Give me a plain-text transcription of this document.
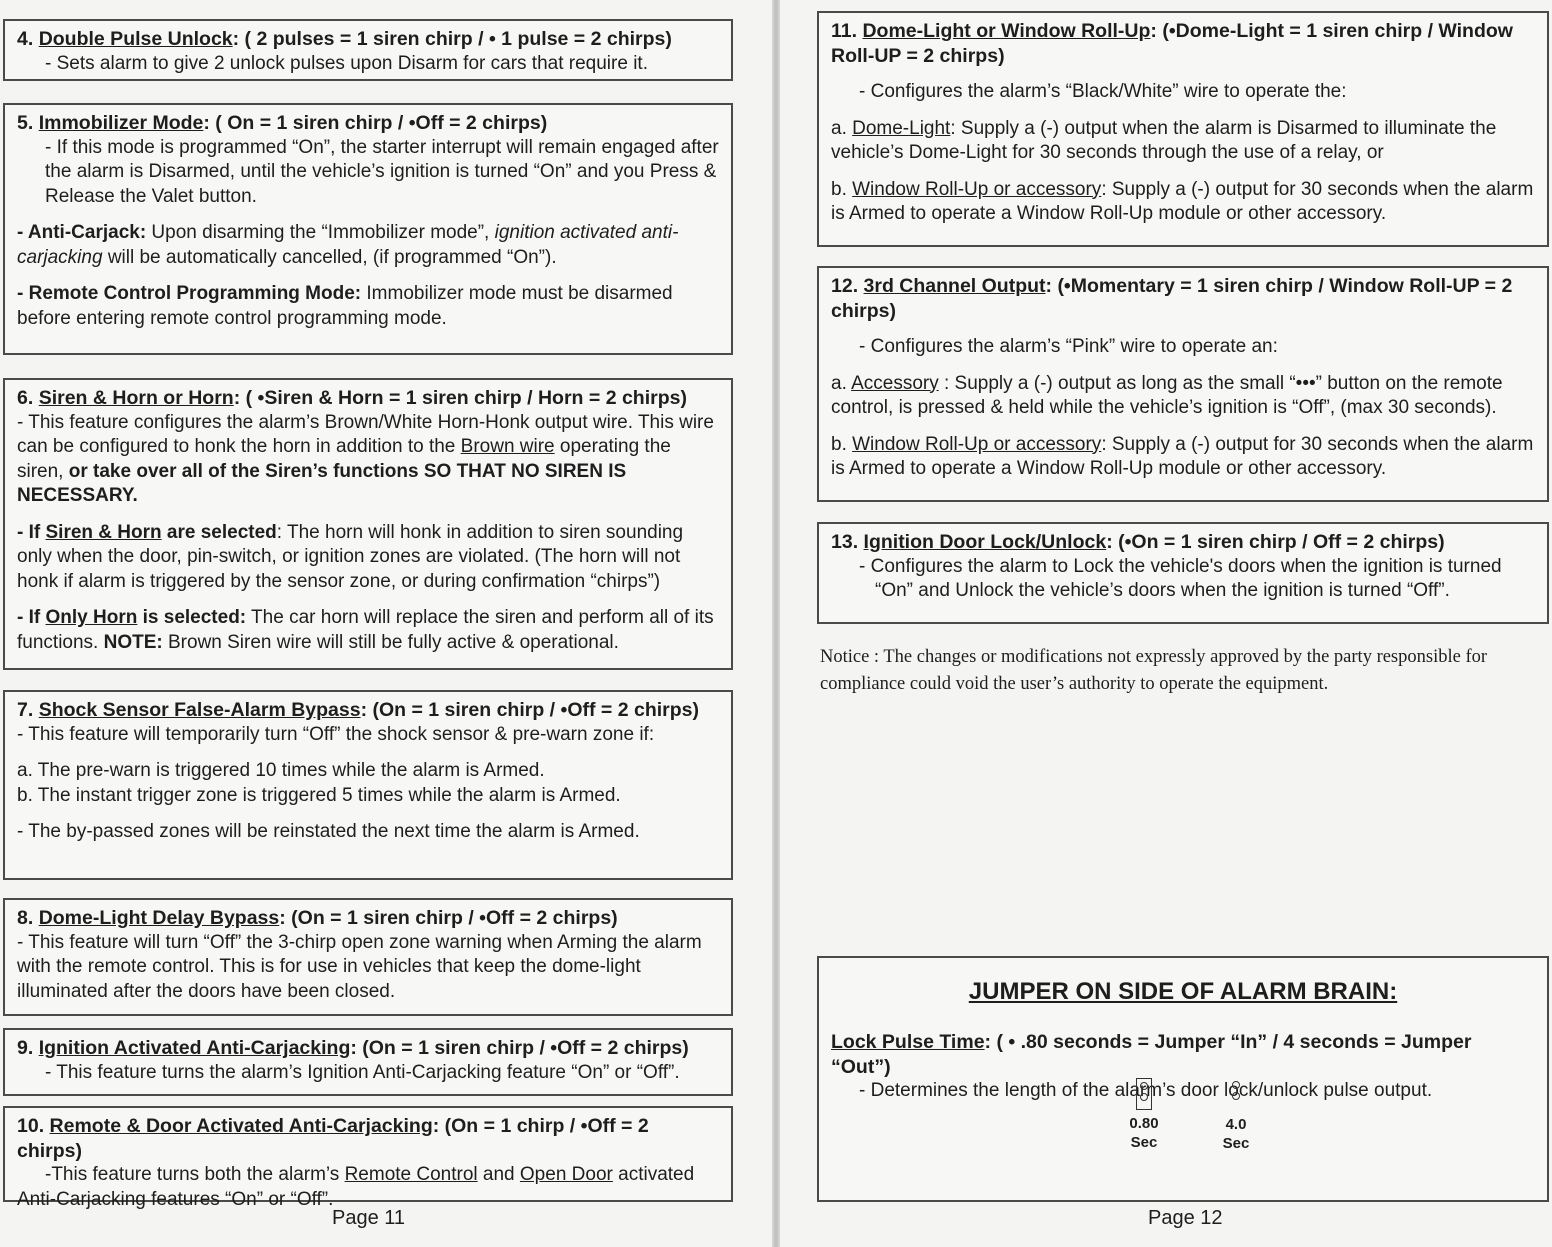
4. Double Pulse Unlock: ( 2 pulses = 1 siren chirp / • 1 pulse = 2 chirps)

- Sets alarm to give 2 unlock pulses upon Disarm for cars that require it.

5. Immobilizer Mode: ( On = 1 siren chirp / •Off = 2 chirps)

- If this mode is programmed “On”, the starter interrupt will remain engaged after the alarm is Disarmed, until the vehicle’s ignition is turned “On” and you Press & Release the Valet button.

- Anti-Carjack: Upon disarming the “Immobilizer mode”, ignition activated anti-carjacking will be automatically cancelled, (if programmed “On”).

- Remote Control Programming Mode: Immobilizer mode must be disarmed before entering remote control programming mode.

6. Siren & Horn or Horn: ( •Siren & Horn = 1 siren chirp / Horn = 2 chirps)

- This feature configures the alarm’s Brown/White Horn-Honk output wire. This wire can be configured to honk the horn in addition to the Brown wire operating the siren, or take over all of the Siren’s functions SO THAT NO SIREN IS NECESSARY.

- If Siren & Horn are selected: The horn will honk in addition to siren sounding only when the door, pin-switch, or ignition zones are violated. (The horn will not honk if alarm is triggered by the sensor zone, or during confirmation “chirps”)

- If Only Horn is selected: The car horn will replace the siren and perform all of its functions. NOTE: Brown Siren wire will still be fully active & operational.

7. Shock Sensor False-Alarm Bypass: (On = 1 siren chirp / •Off = 2 chirps)

- This feature will temporarily turn “Off” the shock sensor & pre-warn zone if:

a. The pre-warn is triggered 10 times while the alarm is Armed.

b. The instant trigger zone is triggered 5 times while the alarm is Armed.

- The by-passed zones will be reinstated the next time the alarm is Armed.

8. Dome-Light Delay Bypass: (On = 1 siren chirp / •Off = 2 chirps)

- This feature will turn “Off” the 3-chirp open zone warning when Arming the alarm with the remote control. This is for use in vehicles that keep the dome-light illuminated after the doors have been closed.

9. Ignition Activated Anti-Carjacking: (On = 1 siren chirp / •Off = 2 chirps)

- This feature turns the alarm’s Ignition Anti-Carjacking feature “On” or “Off”.

10. Remote & Door Activated Anti-Carjacking: (On = 1 chirp / •Off = 2 chirps)

-This feature turns both the alarm’s Remote Control and Open Door activated Anti-Carjacking features “On” or “Off”.

Page 11

11. Dome-Light or Window Roll-Up: (•Dome-Light = 1 siren chirp / Window Roll-UP = 2 chirps)

- Configures the alarm’s “Black/White” wire to operate the:

a. Dome-Light: Supply a (-) output when the alarm is Disarmed to illuminate the vehicle’s Dome-Light for 30 seconds through the use of a relay, or

b. Window Roll-Up or accessory: Supply a (-) output for 30 seconds when the alarm is Armed to operate a Window Roll-Up module or other accessory.

12. 3rd Channel Output: (•Momentary = 1 siren chirp / Window Roll-UP = 2 chirps)

- Configures the alarm’s “Pink” wire to operate an:

a. Accessory : Supply a (-) output as long as the small “•••” button on the remote control, is pressed & held while the vehicle’s ignition is “Off”, (max 30 seconds).

b. Window Roll-Up or accessory: Supply a (-) output for 30 seconds when the alarm is Armed to operate a Window Roll-Up module or other accessory.

13. Ignition Door Lock/Unlock: (•On = 1 siren chirp / Off = 2 chirps)

- Configures the alarm to Lock the vehicle's doors when the ignition is turned “On” and Unlock the vehicle’s doors when the ignition is turned “Off”.

JUMPER ON SIDE OF ALARM BRAIN:

Lock Pulse Time: ( • .80 seconds = Jumper “In” / 4 seconds = Jumper “Out”)

- Determines the length of the alarm’s door lock/unlock pulse output.

0.80
Sec
4.0
Sec
Page 12
Notice : The changes or modifications not expressly approved by the party responsible for compliance could void the user’s authority to operate the equipment.
